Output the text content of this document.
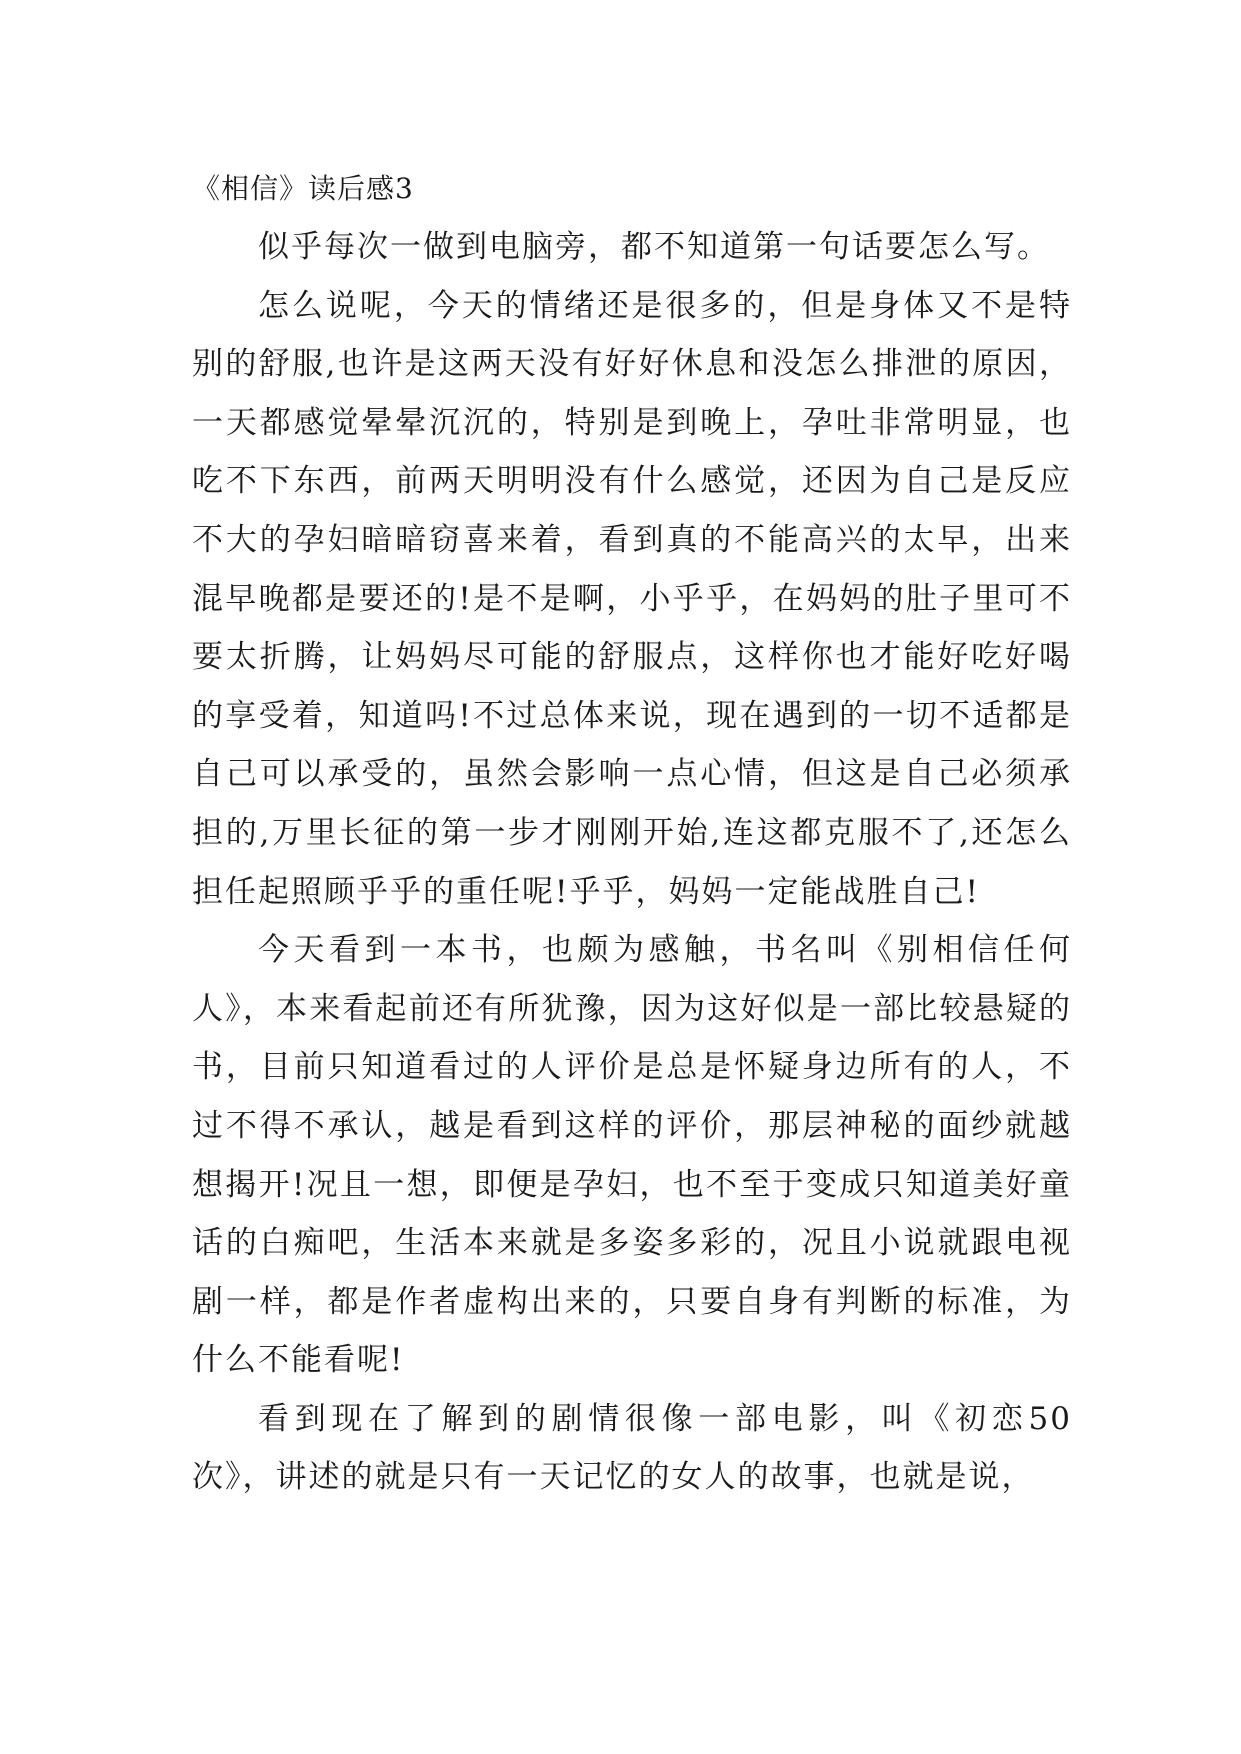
《相信》读后感3

似乎每次一做到电脑旁，都不知道第一句话要怎么写。

怎么说呢，今天的情绪还是很多的，但是身体又不是特别的舒服,也许是这两天没有好好休息和没怎么排泄的原因，一天都感觉晕晕沉沉的，特别是到晚上，孕吐非常明显，也吃不下东西，前两天明明没有什么感觉，还因为自己是反应不大的孕妇暗暗窃喜来着，看到真的不能高兴的太早，出来混早晚都是要还的!是不是啊，小乎乎，在妈妈的肚子里可不要太折腾，让妈妈尽可能的舒服点，这样你也才能好吃好喝的享受着，知道吗!不过总体来说，现在遇到的一切不适都是自己可以承受的，虽然会影响一点心情，但这是自己必须承担的,万里长征的第一步才刚刚开始,连这都克服不了,还怎么担任起照顾乎乎的重任呢!乎乎，妈妈一定能战胜自己!

今天看到一本书，也颇为感触，书名叫《别相信任何人》，本来看起前还有所犹豫，因为这好似是一部比较悬疑的书，目前只知道看过的人评价是总是怀疑身边所有的人，不过不得不承认，越是看到这样的评价，那层神秘的面纱就越想揭开!况且一想，即便是孕妇，也不至于变成只知道美好童话的白痴吧，生活本来就是多姿多彩的，况且小说就跟电视剧一样，都是作者虚构出来的，只要自身有判断的标准，为什么不能看呢!

看到现在了解到的剧情很像一部电影，叫《初恋50次》，讲述的就是只有一天记忆的女人的故事，也就是说，
